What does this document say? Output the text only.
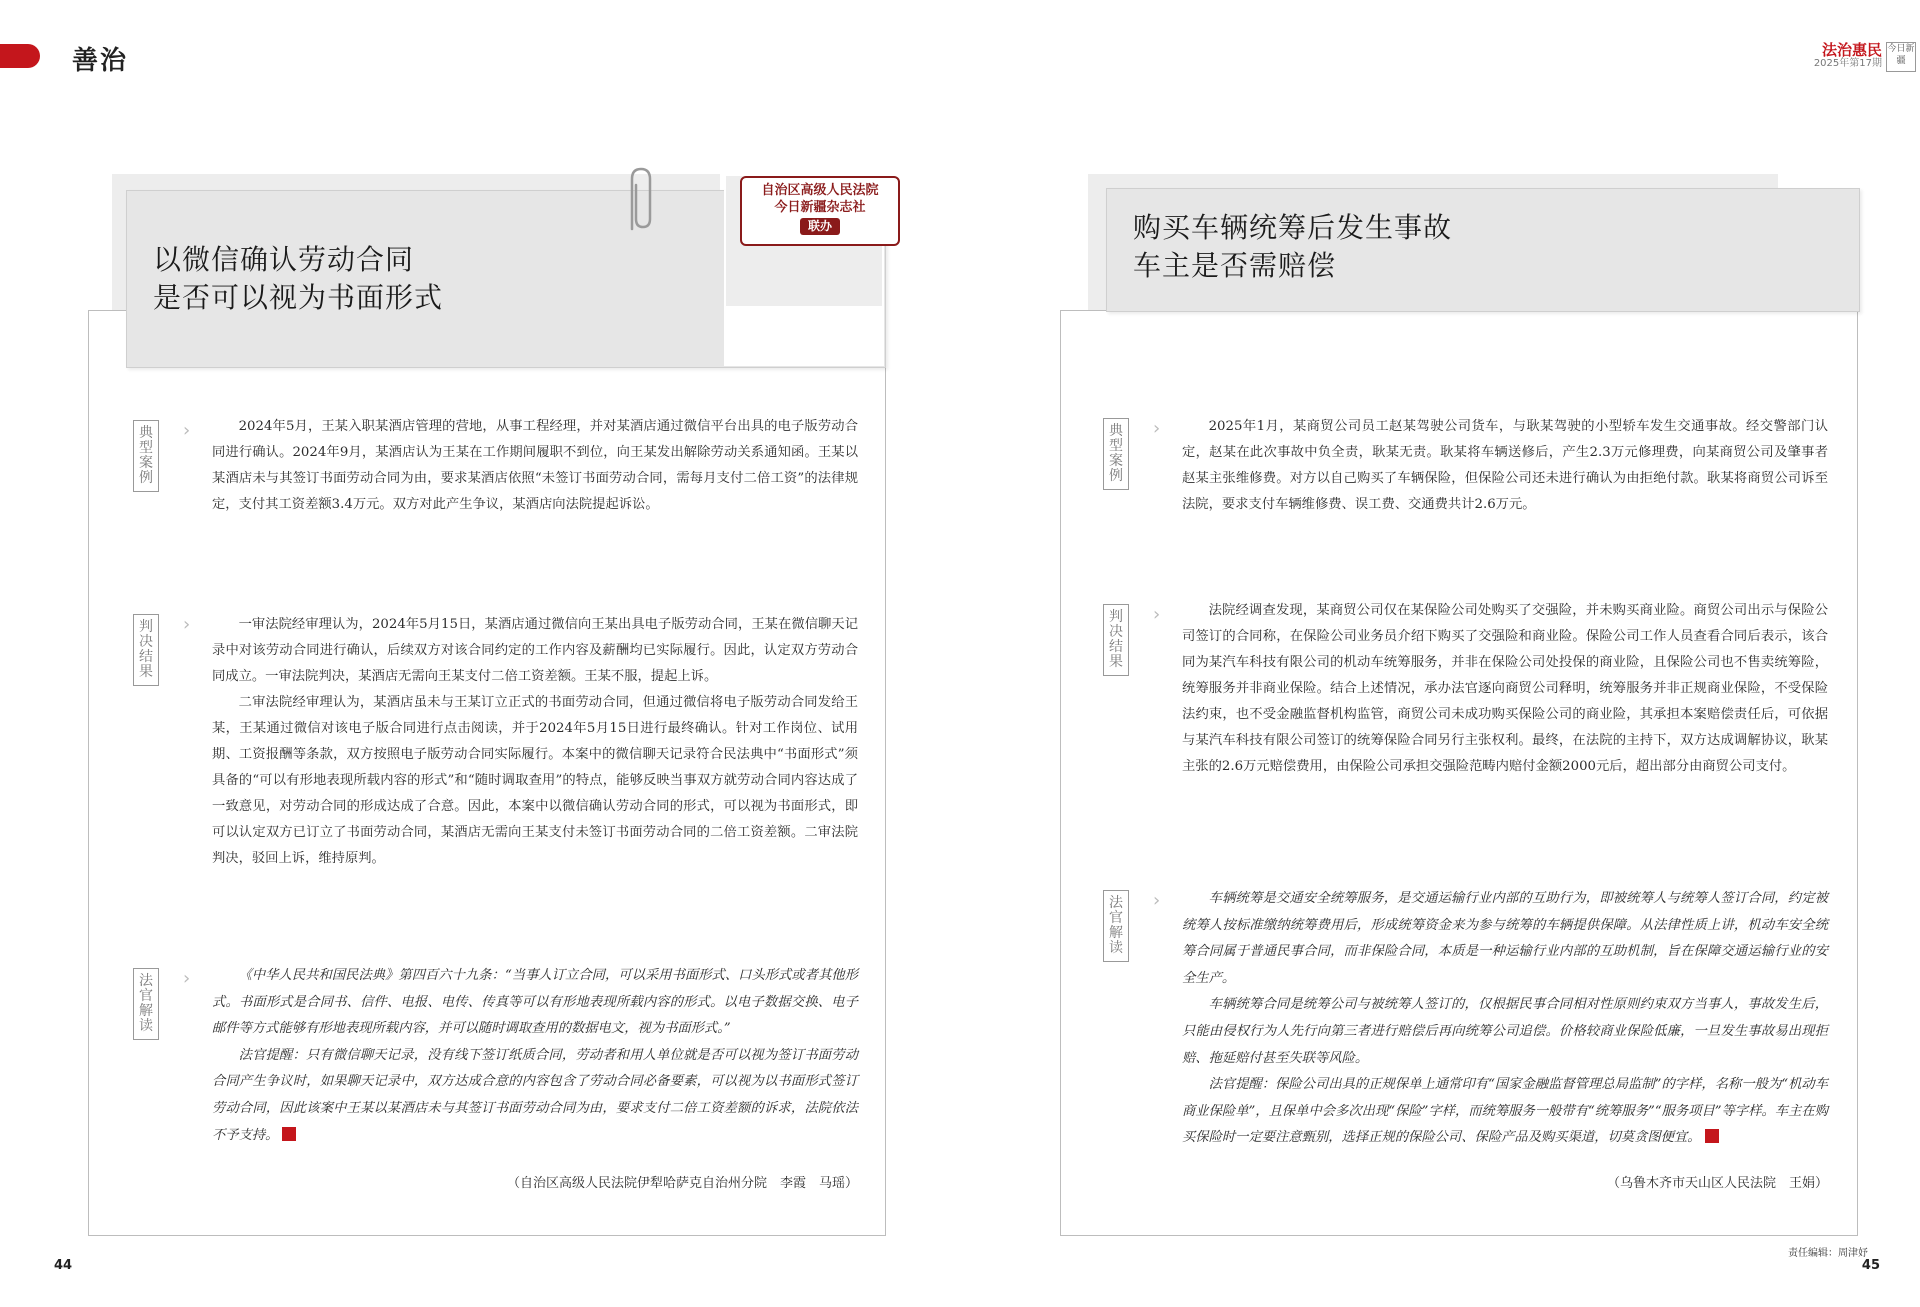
善治	法治惠民
2025年第17期
今日新疆
以微信确认劳动合同
是否可以视为书面形式
自治区高级人民法院
今日新疆杂志社
联办
典型案例
›
判决结果
›
法官解读
›

2024年5月，王某入职某酒店管理的营地，从事工程经理，并对某酒店通过微信平台出具的电子版劳动合同进行确认。2024年9月，某酒店认为王某在工作期间履职不到位，向王某发出解除劳动关系通知函。王某以某酒店未与其签订书面劳动合同为由，要求某酒店依照“未签订书面劳动合同，需每月支付二倍工资”的法律规定，支付其工资差额3.4万元。双方对此产生争议，某酒店向法院提起诉讼。

一审法院经审理认为，2024年5月15日，某酒店通过微信向王某出具电子版劳动合同，王某在微信聊天记录中对该劳动合同进行确认，后续双方对该合同约定的工作内容及薪酬均已实际履行。因此，认定双方劳动合同成立。一审法院判决，某酒店无需向王某支付二倍工资差额。王某不服，提起上诉。

二审法院经审理认为，某酒店虽未与王某订立正式的书面劳动合同，但通过微信将电子版劳动合同发给王某，王某通过微信对该电子版合同进行点击阅读，并于2024年5月15日进行最终确认。针对工作岗位、试用期、工资报酬等条款，双方按照电子版劳动合同实际履行。本案中的微信聊天记录符合民法典中“书面形式”须具备的“可以有形地表现所载内容的形式”和“随时调取查用”的特点，能够反映当事双方就劳动合同内容达成了一致意见，对劳动合同的形成达成了合意。因此，本案中以微信确认劳动合同的形式，可以视为书面形式，即可以认定双方已订立了书面劳动合同，某酒店无需向王某支付未签订书面劳动合同的二倍工资差额。二审法院判决，驳回上诉，维持原判。

《中华人民共和国民法典》第四百六十九条：“当事人订立合同，可以采用书面形式、口头形式或者其他形式。书面形式是合同书、信件、电报、电传、传真等可以有形地表现所载内容的形式。以电子数据交换、电子邮件等方式能够有形地表现所载内容，并可以随时调取查用的数据电文，视为书面形式。”

法官提醒：只有微信聊天记录，没有线下签订纸质合同，劳动者和用人单位就是否可以视为签订书面劳动合同产生争议时，如果聊天记录中，双方达成合意的内容包含了劳动合同必备要素，可以视为以书面形式签订劳动合同，因此该案中王某以某酒店未与其签订书面劳动合同为由，要求支付二倍工资差额的诉求，法院依法不予支持。

（自治区高级人民法院伊犁哈萨克自治州分院　李霞　马瑶）
44
购买车辆统筹后发生事故
车主是否需赔偿
典型案例
›
判决结果
›
法官解读
›

2025年1月，某商贸公司员工赵某驾驶公司货车，与耿某驾驶的小型轿车发生交通事故。经交警部门认定，赵某在此次事故中负全责，耿某无责。耿某将车辆送修后，产生2.3万元修理费，向某商贸公司及肇事者赵某主张维修费。对方以自己购买了车辆保险，但保险公司还未进行确认为由拒绝付款。耿某将商贸公司诉至法院，要求支付车辆维修费、误工费、交通费共计2.6万元。

法院经调查发现，某商贸公司仅在某保险公司处购买了交强险，并未购买商业险。商贸公司出示与保险公司签订的合同称，在保险公司业务员介绍下购买了交强险和商业险。保险公司工作人员查看合同后表示，该合同为某汽车科技有限公司的机动车统筹服务，并非在保险公司处投保的商业险，且保险公司也不售卖统筹险，统筹服务并非商业保险。结合上述情况，承办法官逐向商贸公司释明，统筹服务并非正规商业保险，不受保险法约束，也不受金融监督机构监管，商贸公司未成功购买保险公司的商业险，其承担本案赔偿责任后，可依据与某汽车科技有限公司签订的统筹保险合同另行主张权利。最终，在法院的主持下，双方达成调解协议，耿某主张的2.6万元赔偿费用，由保险公司承担交强险范畴内赔付金额2000元后，超出部分由商贸公司支付。

车辆统筹是交通安全统筹服务，是交通运输行业内部的互助行为，即被统筹人与统筹人签订合同，约定被统筹人按标准缴纳统筹费用后，形成统筹资金来为参与统筹的车辆提供保障。从法律性质上讲，机动车安全统筹合同属于普通民事合同，而非保险合同，本质是一种运输行业内部的互助机制，旨在保障交通运输行业的安全生产。

车辆统筹合同是统筹公司与被统筹人签订的，仅根据民事合同相对性原则约束双方当事人，事故发生后，只能由侵权行为人先行向第三者进行赔偿后再向统筹公司追偿。价格较商业保险低廉，一旦发生事故易出现拒赔、拖延赔付甚至失联等风险。

法官提醒：保险公司出具的正规保单上通常印有“国家金融监督管理总局监制”的字样，名称一般为“机动车商业保险单”，且保单中会多次出现“保险”字样，而统筹服务一般带有“统筹服务”“服务项目”等字样。车主在购买保险时一定要注意甄别，选择正规的保险公司、保险产品及购买渠道，切莫贪图便宜。

（乌鲁木齐市天山区人民法院　王娟）
责任编辑：周津妤
45
